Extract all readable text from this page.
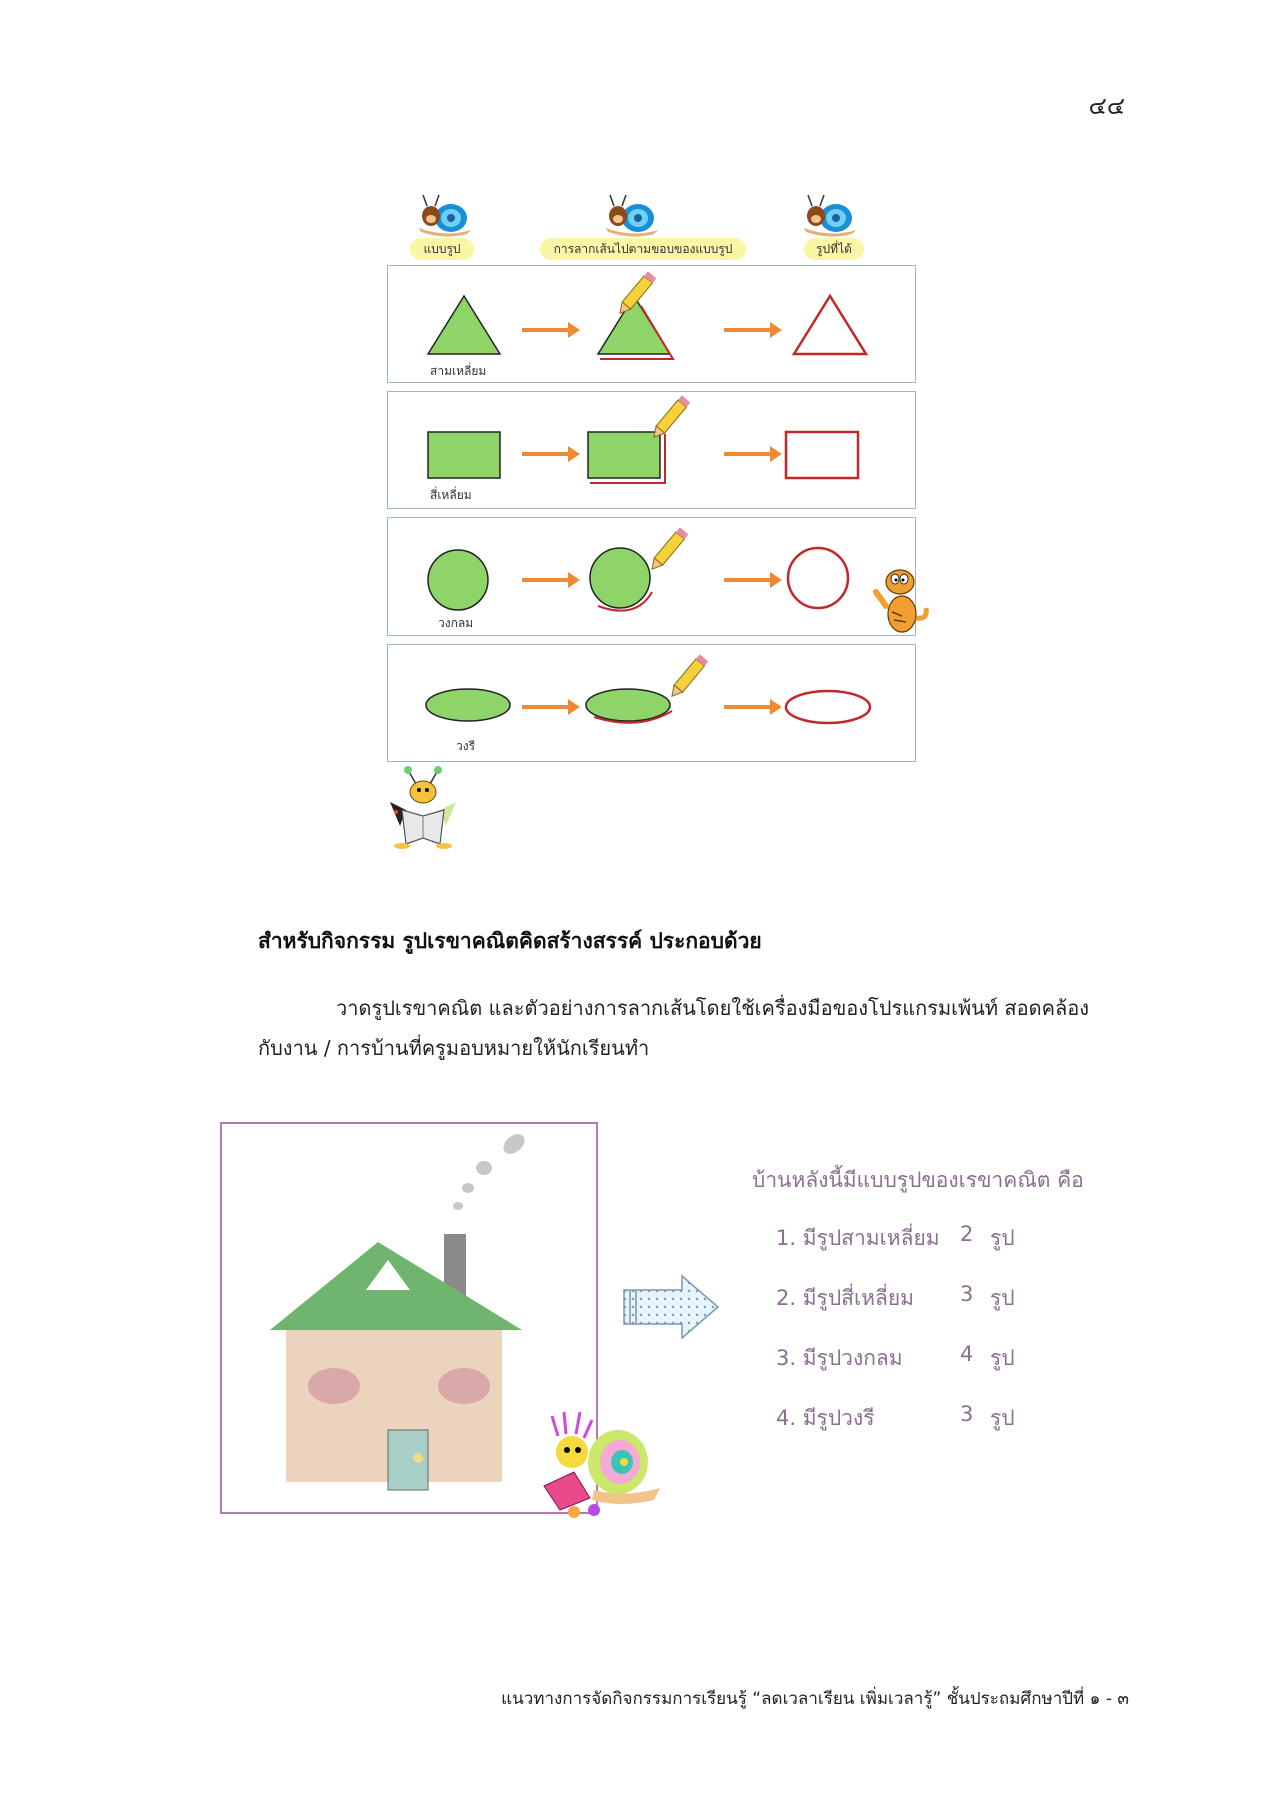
๔๔
แบบรูป	การลากเส้นไปตามขอบของแบบรูป	รูปที่ได้
สามเหลี่ยม
สี่เหลี่ยม
วงกลม
วงรี
สำหรับกิจกรรม รูปเรขาคณิตคิดสร้างสรรค์ ประกอบด้วย
วาดรูปเรขาคณิต และตัวอย่างการลากเส้นโดยใช้เครื่องมือของโปรแกรมเพ้นท์ สอดคล้อง
กับงาน / การบ้านที่ครูมอบหมายให้นักเรียนทำ
บ้านหลังนี้มีแบบรูปของเรขาคณิต คือ
1. มีรูปสามเหลี่ยม 2 รูป
2. มีรูปสี่เหลี่ยม 3 รูป
3. มีรูปวงกลม	4 รูป
4. มีรูปวงรี	3 รูป
แนวทางการจัดกิจกรรมการเรียนรู้ “ลดเวลาเรียน เพิ่มเวลารู้” ชั้นประถมศึกษาปีที่ ๑ - ๓
